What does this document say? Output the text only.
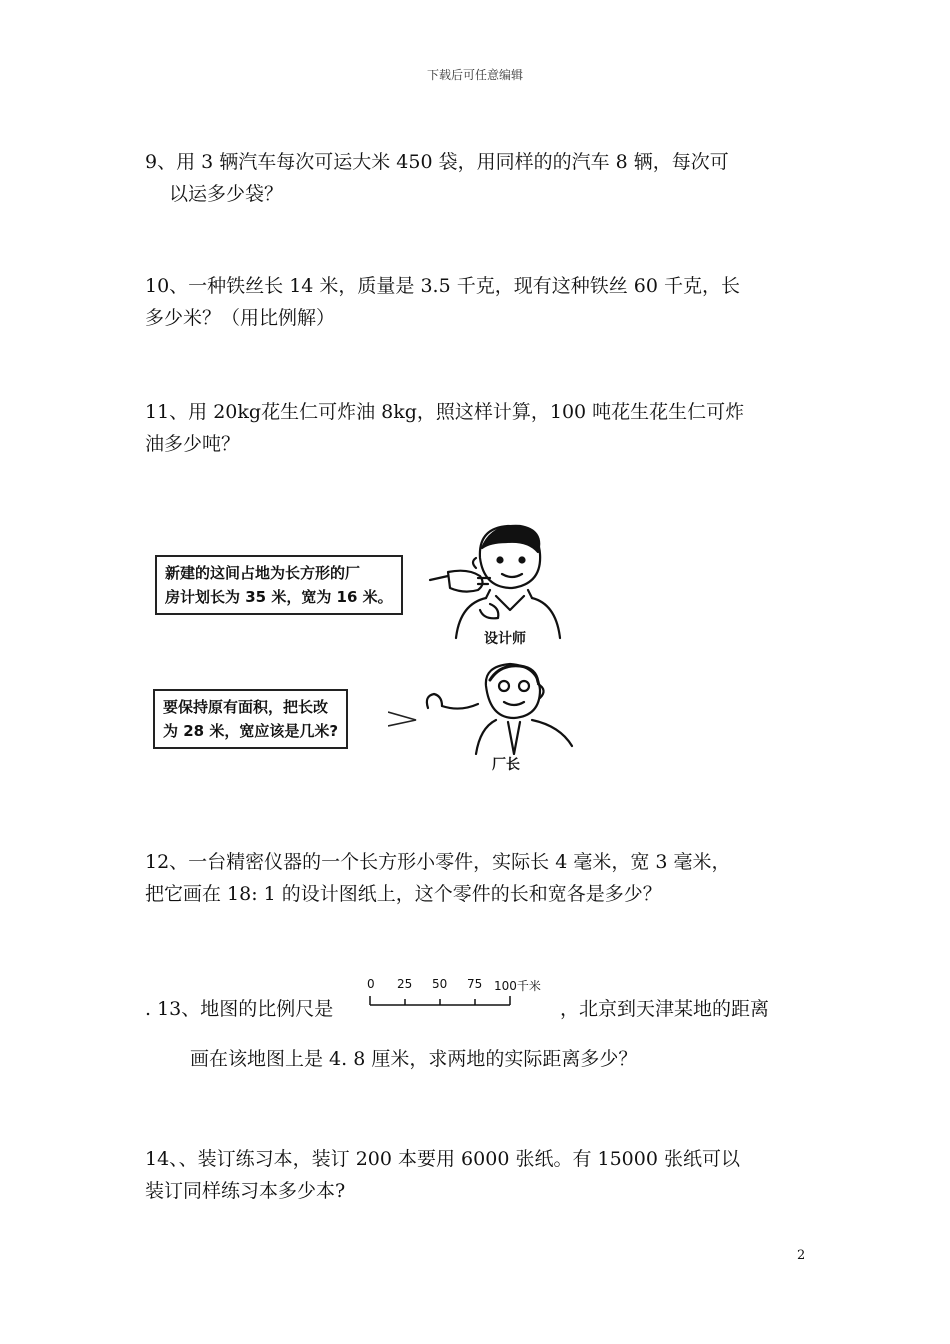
下载后可任意编辑
9、用 3 辆汽车每次可运大米 450 袋，用同样的的汽车 8 辆，每次可
以运多少袋？
10、一种铁丝长 14 米，质量是 3.5 千克，现有这种铁丝 60 千克，长
多少米？（用比例解）
11、用 20kg花生仁可炸油 8kg，照这样计算，100 吨花生花生仁可炸
油多少吨？
新建的这间占地为长方形的厂
房计划长为 35 米，宽为 16 米。
设计师
要保持原有面积，把长改
为 28 米，宽应该是几米?
厂长
12、一台精密仪器的一个长方形小零件，实际长 4 毫米，宽 3 毫米，
把它画在 18: 1 的设计图纸上，这个零件的长和宽各是多少？
. 13、地图的比例尺是
0 25 50 75 100千米
，北京到天津某地的距离
画在该地图上是 4. 8 厘米，求两地的实际距离多少？
14、、装订练习本，装订 200 本要用 6000 张纸。有 15000 张纸可以
装订同样练习本多少本?
2
